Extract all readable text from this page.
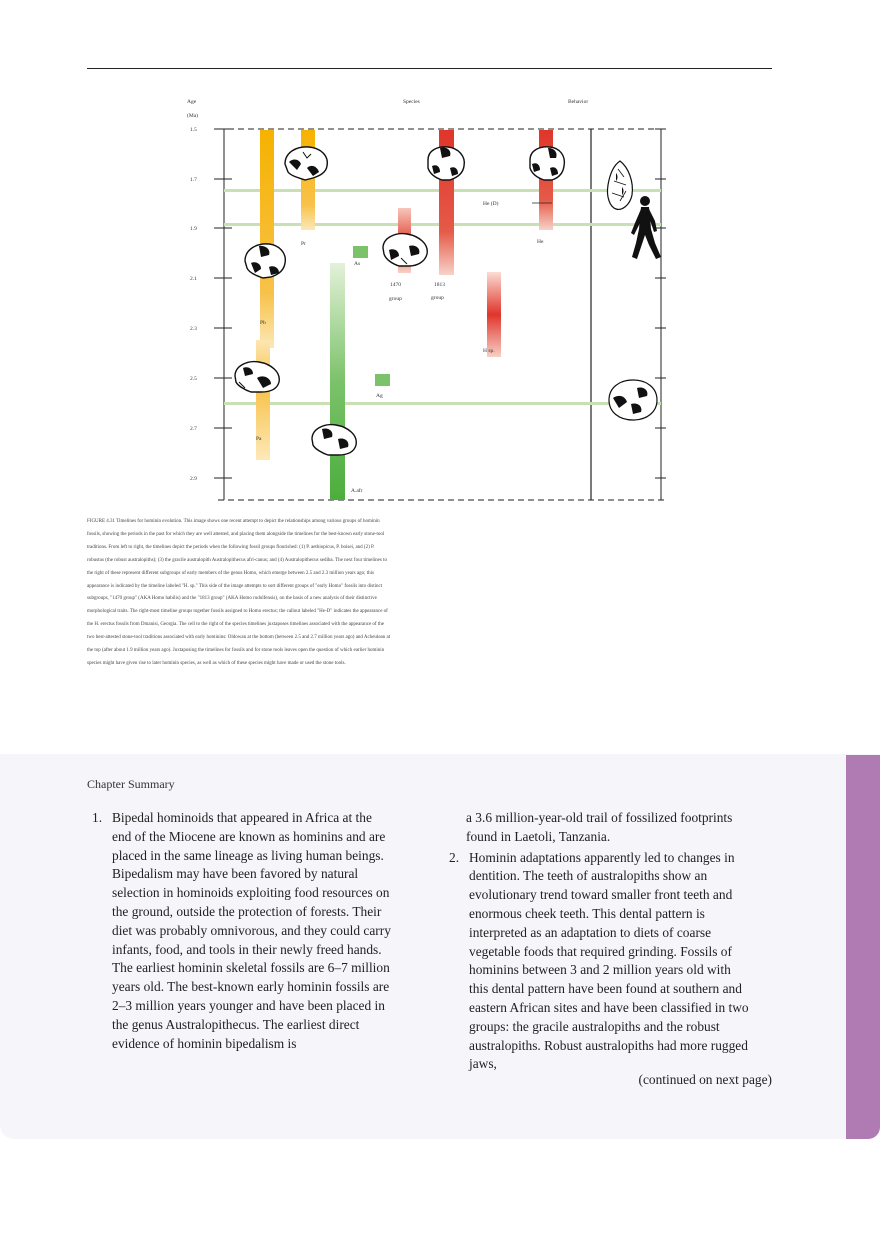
Age
(Ma)
Species	Behavior
1.5
1.7
1.9
2.1
2.3
2.5
2.7
2.9
Pr
Pb
Pa
As
Ag
A.afr
1470
group
1813
group
He (D)
He
H sp.
FIGURE 4.31 Timelines for hominin evolution. This image shows one recent attempt to depict the relationships among various groups of hominin fossils, showing the periods in the past for which they are well attested, and placing them alongside the timelines for the best-known early stone-tool traditions. From left to right, the timelines depict the periods when the following fossil groups flourished: (1) P. aethiopicus, P. boisei, and (2) P. robustus (the robust australopiths); (3) the gracile australopith Australopithecus afri-canus; and (4) Australopithecus sediba. The next four timelines to the right of these represent different subgroups of early members of the genus Homo, which emerge between 2.5 and 2.3 million years ago; this appearance is indicated by the timeline labeled "H. sp." This side of the image attempts to sort different groups of "early Homo" fossils into distinct subgroups, "1470 group" (AKA Homo habilis) and the "1813 group" (AKA Homo rudolfensis), on the basis of a new analysis of their distinctive morphological traits. The right-most timeline groups together fossils assigned to Homo erectus; the callout labeled "He-D" indicates the appearance of the H. erectus fossils from Dmanisi, Georgia. The cell to the right of the species timelines juxtaposes timelines associated with the appearance of the two best-attested stone-tool traditions associated with early hominins: Oldowan at the bottom (between 2.5 and 2.7 million years ago) and Acheulean at the top (after about 1.9 million years ago). Juxtaposing the timelines for fossils and for stone tools leaves open the question of which earlier hominin species might have given rise to later hominin species, as well as which of these species might have made or used the stone tools.
Chapter Summary

1. Bipedal hominoids that appeared in Africa at the end of the Miocene are known as hominins and are placed in the same lineage as living human beings. Bipedalism may have been favored by natural selection in hominoids exploiting food resources on the ground, outside the protection of forests. Their diet was probably omnivorous, and they could carry infants, food, and tools in their newly freed hands. The earliest hominin skeletal fossils are 6–7 million years old. The best-known early hominin fossils are 2–3 million years younger and have been placed in the genus Australopithecus. The earliest direct evidence of hominin bipedalism is

a 3.6 million-year-old trail of fossilized footprints found in Laetoli, Tanzania.

2. Hominin adaptations apparently led to changes in dentition. The teeth of australopiths show an evolutionary trend toward smaller front teeth and enormous cheek teeth. This dental pattern is interpreted as an adaptation to diets of coarse vegetable foods that required grinding. Fossils of hominins between 3 and 2 million years old with this dental pattern have been found at southern and eastern African sites and have been classified in two groups: the gracile australopiths and the robust australopiths. Robust australopiths had more rugged jaws,

(continued on next page)
